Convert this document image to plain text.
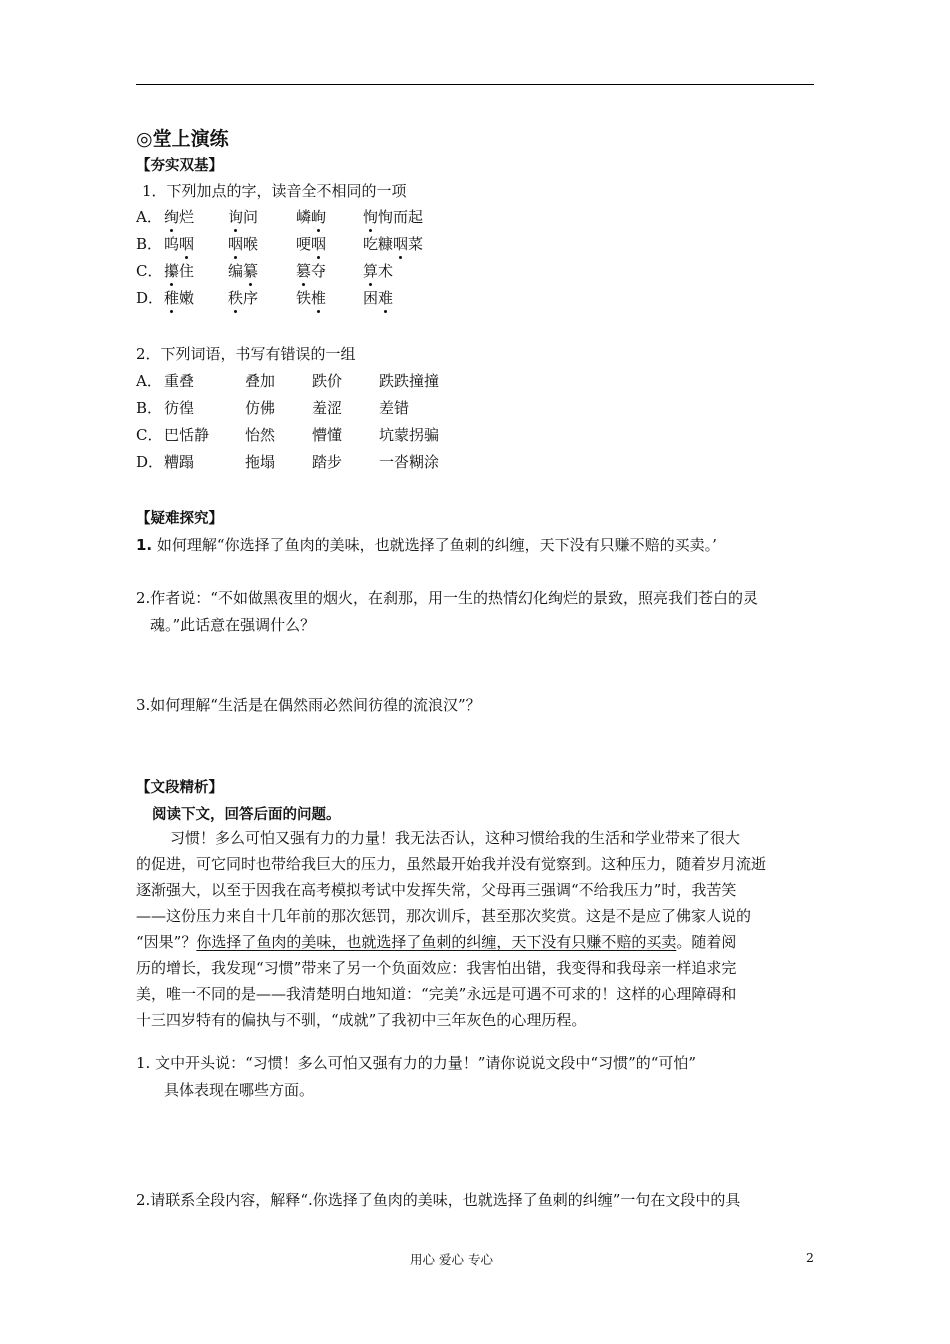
◎堂上演练
【夯实双基】
1．下列加点的字，读音全不相同的一项
A． 绚烂 询问	嶙峋 恂恂而起
B． 呜咽 咽喉	哽咽 吃糠咽菜
C． 攥住 编纂	篡夺 算术
D． 稚嫩 秩序	铁椎 困难
2．下列词语，书写有错误的一组
A． 重叠	叠加 跌价 跌跌撞撞
B． 彷徨	仿佛 羞涩 差错
C． 巴恬静 怡然 懵懂 坑蒙拐骗
D． 糟蹋	拖塌 踏步 一沓糊涂
【疑难探究】
1. 如何理解“你选择了鱼肉的美味，也就选择了鱼刺的纠缠，天下没有只赚不赔的买卖。’
2.作者说：“不如做黑夜里的烟火，在刹那，用一生的热情幻化绚烂的景致，照亮我们苍白的灵
魂。”此话意在强调什么？
3.如何理解“生活是在偶然雨必然间彷徨的流浪汉”？
【文段精析】
阅读下文，回答后面的问题。
习惯！多么可怕又强有力的力量！我无法否认，这种习惯给我的生活和学业带来了很大
的促进，可它同时也带给我巨大的压力，虽然最开始我并没有觉察到。这种压力，随着岁月流逝
逐渐强大，以至于因我在高考模拟考试中发挥失常，父母再三强调“不给我压力”时，我苦笑
——这份压力来自十几年前的那次惩罚，那次训斥，甚至那次奖赏。这是不是应了佛家人说的
“因果”？你选择了鱼肉的美味，也就选择了鱼刺的纠缠，天下没有只赚不赔的买卖。随着阅
历的增长，我发现“习惯”带来了另一个负面效应：我害怕出错，我变得和我母亲一样追求完
美，唯一不同的是——我清楚明白地知道：“完美”永远是可遇不可求的！这样的心理障碍和
十三四岁特有的偏执与不驯，“成就”了我初中三年灰色的心理历程。
1. 文中开头说：“习惯！多么可怕又强有力的力量！”请你说说文段中“习惯”的“可怕”
具体表现在哪些方面。
2.请联系全段内容，解释“.你选择了鱼肉的美味，也就选择了鱼刺的纠缠”一句在文段中的具
用心 爱心 专心	2
